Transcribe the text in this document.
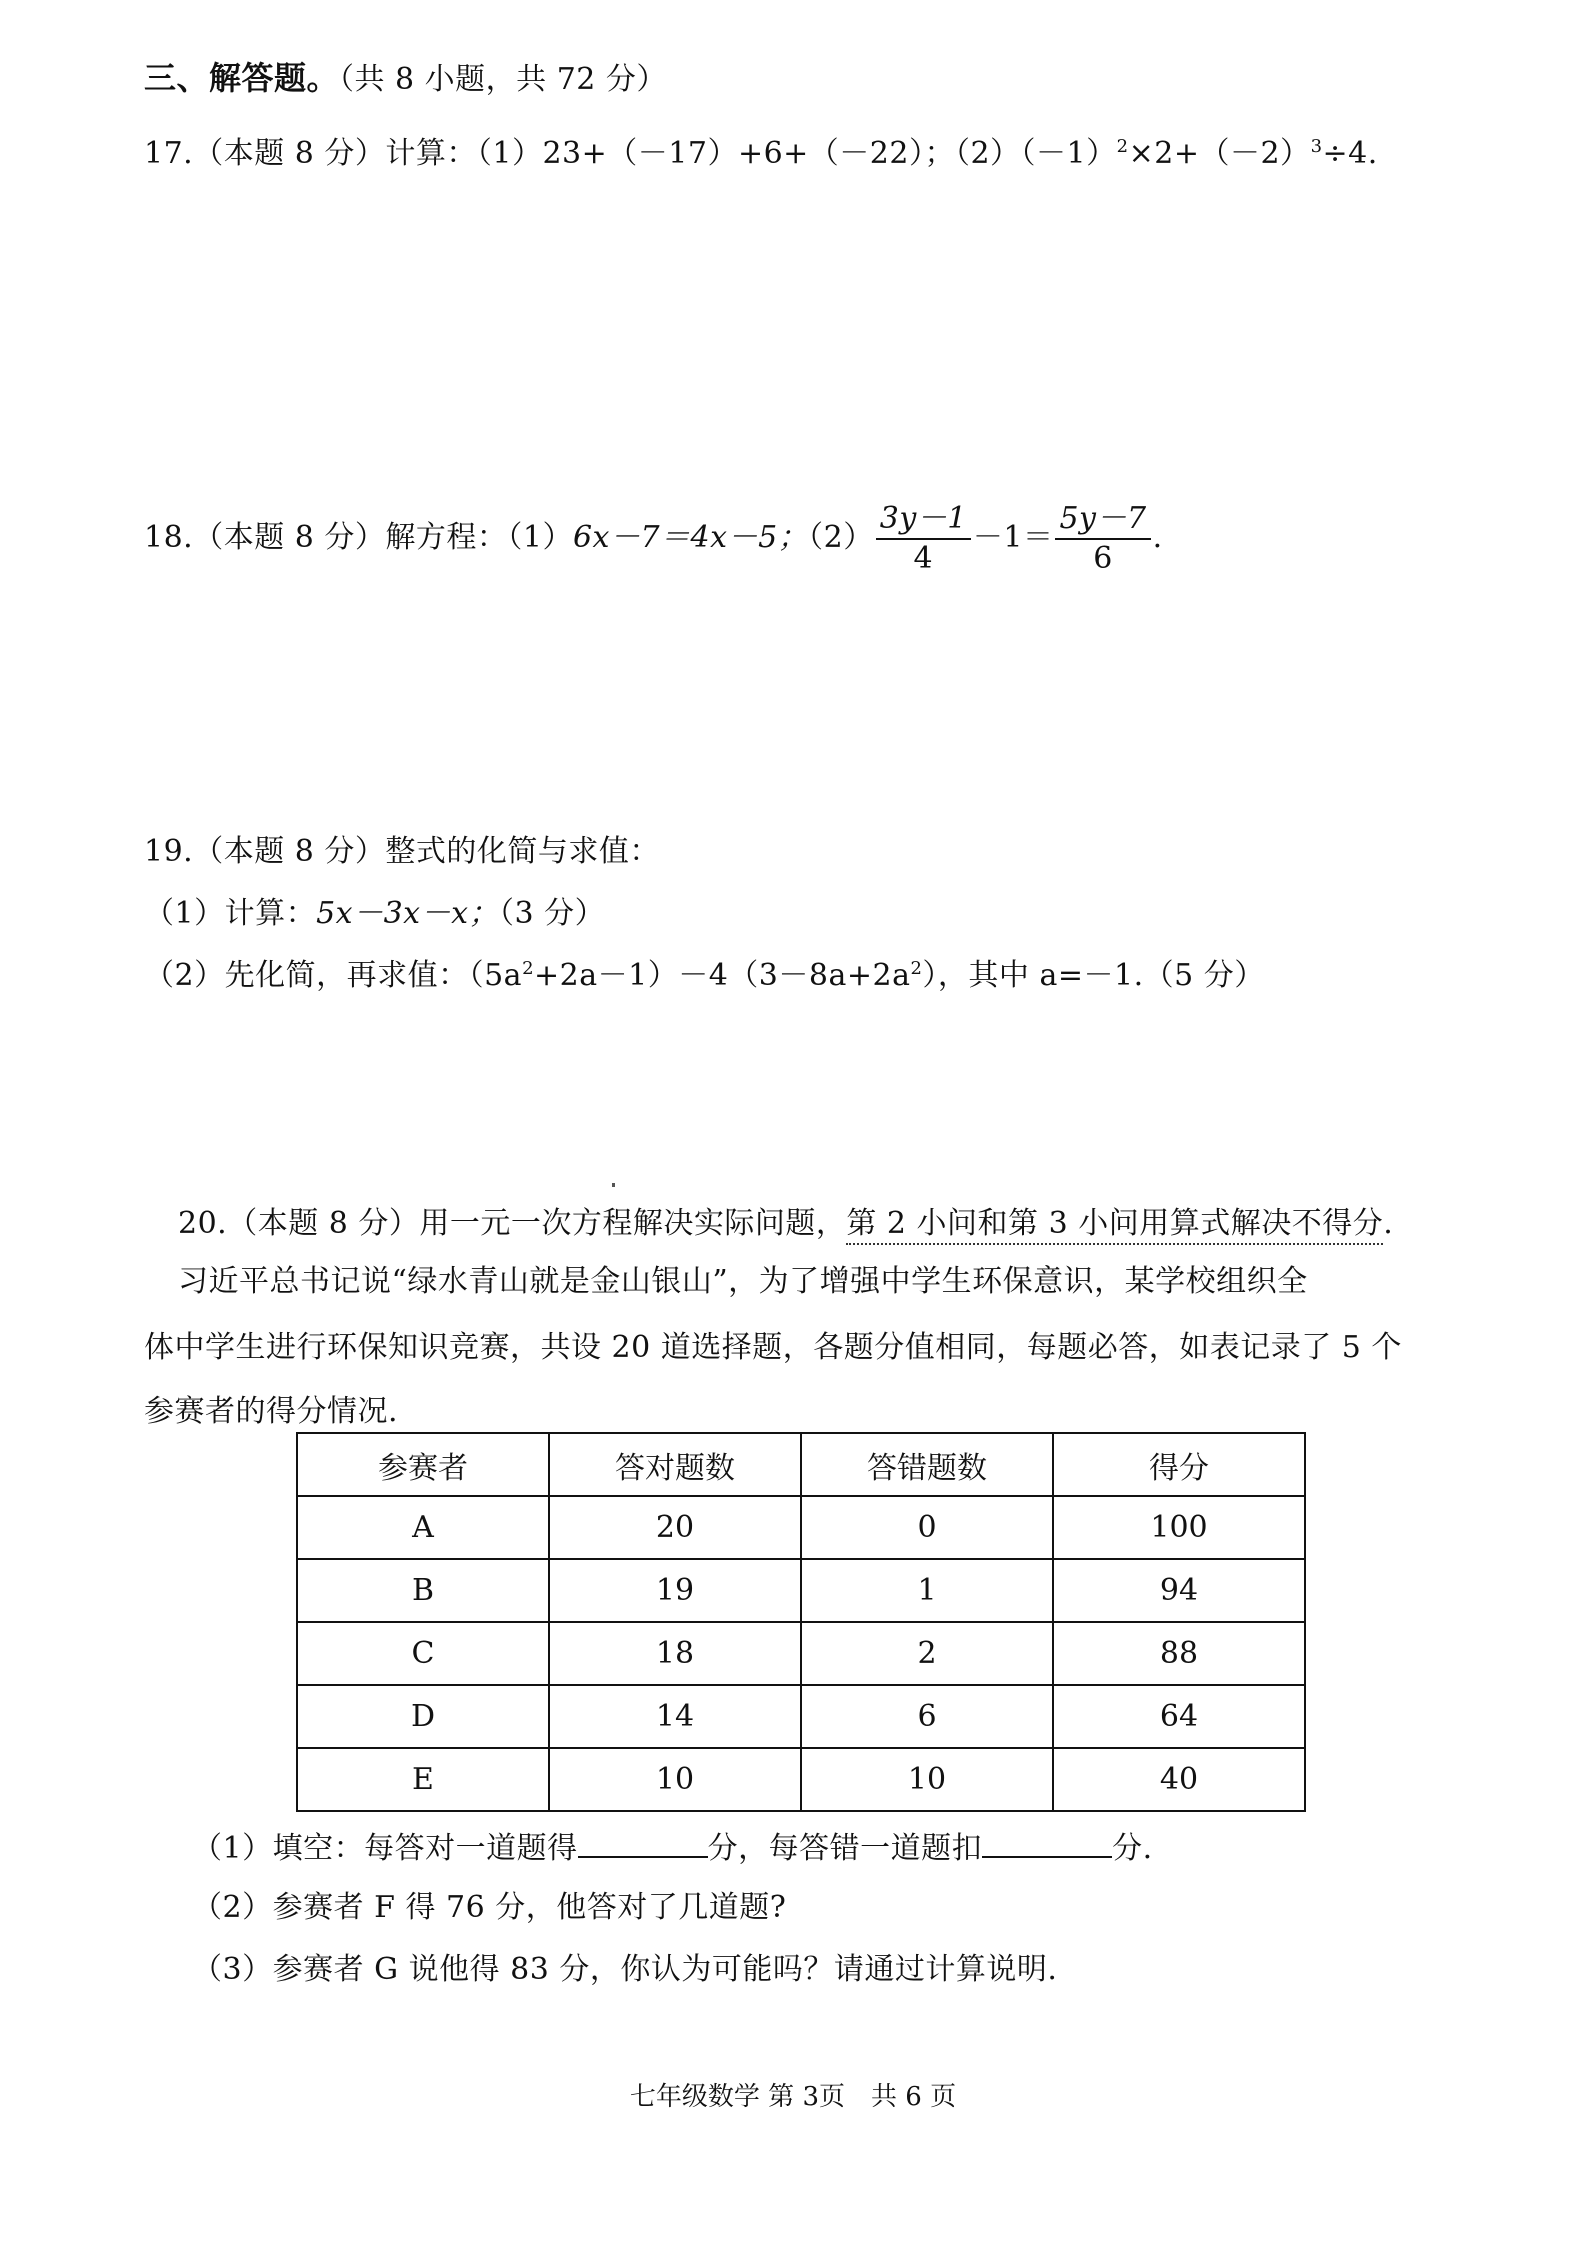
三、解答题。（共 8 小题，共 72 分）
17.（本题 8 分）计算：（1）23+（－17）+6+（－22）；$(2)(-1)^2\times 2+(-2)^3\div 4$.
18.（本题 8 分）解方程：（1）6x－7＝4x－5；$(2) \frac{3y-1}{4} -1= \frac{5y-7}{6}$ .
19.（本题 8 分）整式的化简与求值：
（1）计算：5x－3x－x；（3 分）
（2）先化简，再求值：$(5a^2+2a-1)-4(3-8a+2a^2)$，其中 a=－1.（5 分）
20.（本题 8 分）用一元一次方程解决实际问题，第 2 小问和第 3 小问用算式解决不得分.
习近平总书记说“绿水青山就是金山银山”，为了增强中学生环保意识，某学校组织全
体中学生进行环保知识竞赛，共设 20 道选择题，各题分值相同，每题必答，如表记录了 5 个
参赛者的得分情况.
参赛者	答对题数	答错题数	得分
A	20	0	100
B	19	1	94
C	18	2	88
D	14	6	64
E	10	10	40
（1）填空：每答对一道题得	分，每答错一道题扣	分.
（2）参赛者 F 得 76 分，他答对了几道题?
（3）参赛者 G 说他得 83 分，你认为可能吗？请通过计算说明.
七年级数学 第 3页　共 6 页
